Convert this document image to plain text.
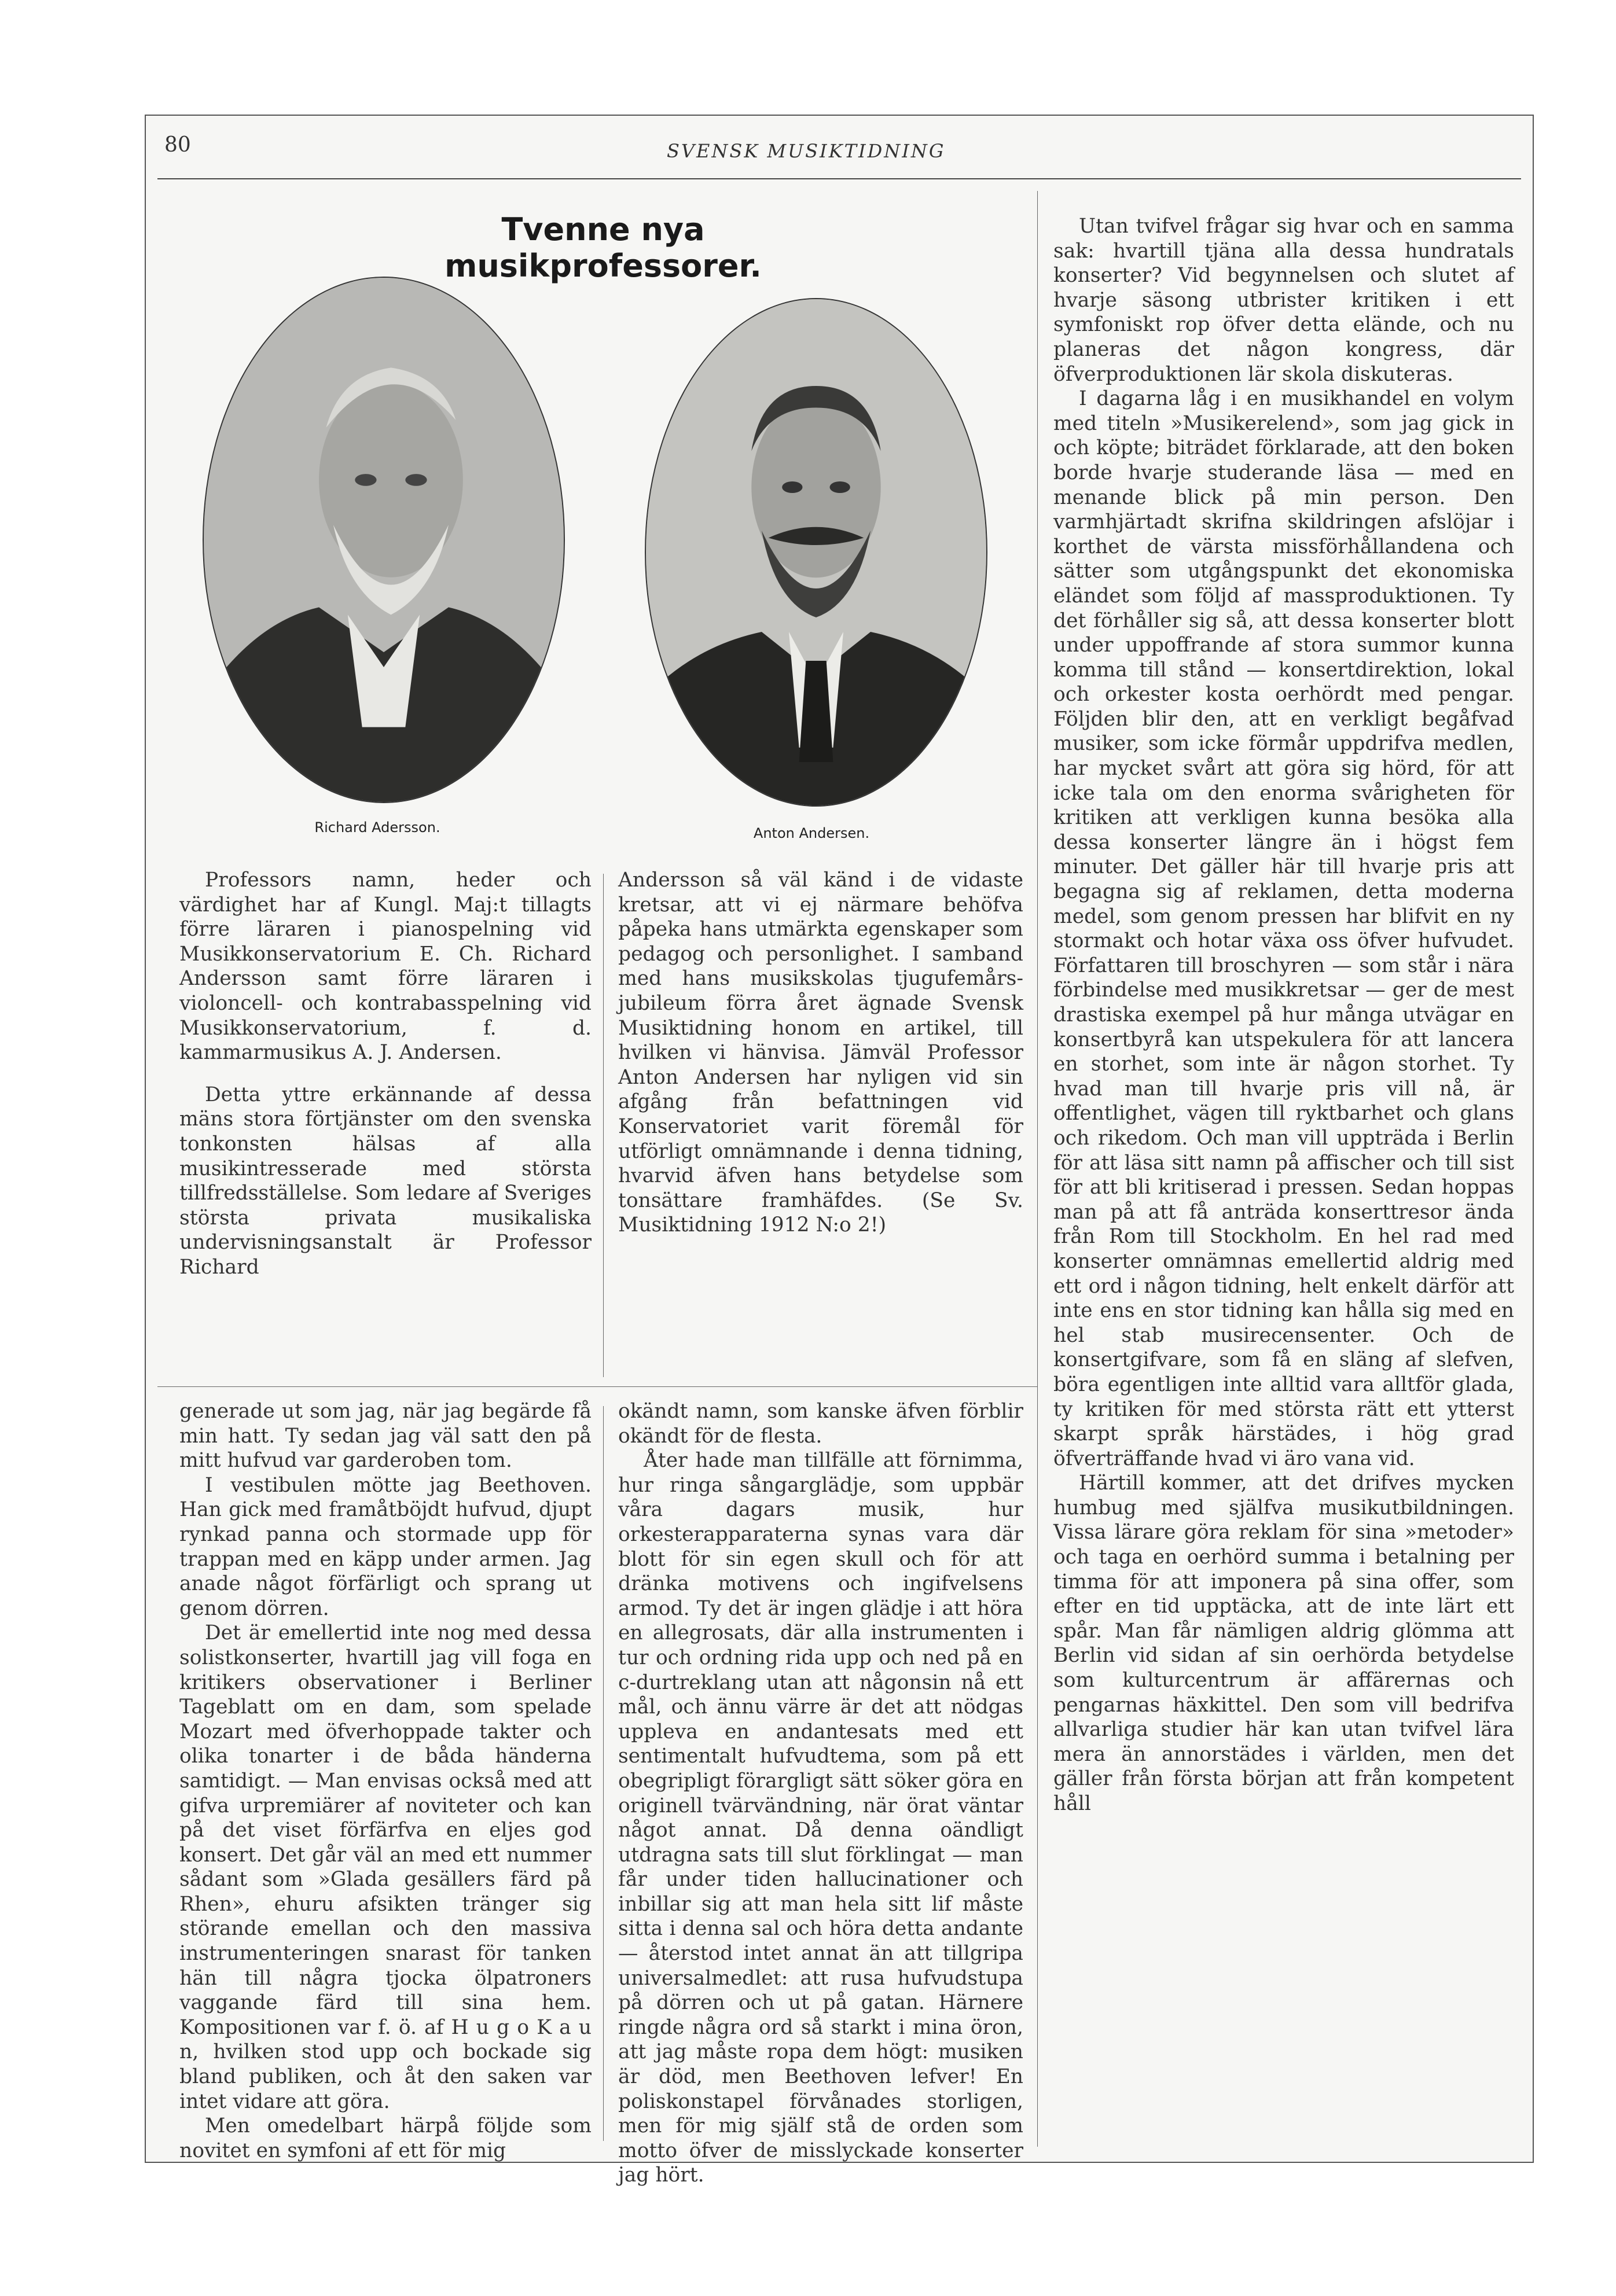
80	SVENSK MUSIKTIDNING
Tvenne nya musikprofessorer.
Richard Adersson.	Anton Andersen.

Professors namn, heder och värdighet har af Kungl. Maj:t tillagts förre läraren i pianospelning vid Musikkonservatorium E. Ch. Richard Andersson samt förre läraren i violoncell- och kontrabasspelning vid Musikkonservatorium, f. d. kammarmusikus A. J. Andersen.

Detta yttre erkännande af dessa mäns stora förtjänster om den svenska tonkonsten hälsas af alla musikintresserade med största tillfredsställelse. Som ledare af Sveriges största privata musikaliska undervisningsanstalt är Professor Richard

Andersson så väl känd i de vidaste kretsar, att vi ej närmare behöfva påpeka hans utmärkta egenskaper som pedagog och personlighet. I samband med hans musikskolas tjugufemårs-jubileum förra året ägnade Svensk Musiktidning honom en artikel, till hvilken vi hänvisa. Jämväl Professor Anton Andersen har nyligen vid sin afgång från befattningen vid Konservatoriet varit föremål för utförligt omnämnande i denna tidning, hvarvid äfven hans betydelse som tonsättare framhäfdes. (Se Sv. Musiktidning 1912 N:o 2!)

generade ut som jag, när jag begärde få min hatt. Ty sedan jag väl satt den på mitt hufvud var garderoben tom.

I vestibulen mötte jag Beethoven. Han gick med framåtböjdt hufvud, djupt rynkad panna och stormade upp för trappan med en käpp under armen. Jag anade något förfärligt och sprang ut genom dörren.

Det är emellertid inte nog med dessa solistkonserter, hvartill jag vill foga en kritikers observationer i Berliner Tageblatt om en dam, som spelade Mozart med öfverhoppade takter och olika tonarter i de båda händerna samtidigt. — Man envisas också med att gifva urpremiärer af noviteter och kan på det viset förfärfva en eljes god konsert. Det går väl an med ett nummer sådant som »Glada gesällers färd på Rhen», ehuru afsikten tränger sig störande emellan och den massiva instrumenteringen snarast för tanken hän till några tjocka ölpatroners vaggande färd till sina hem. Kompositionen var f. ö. af H u g o K a u n, hvilken stod upp och bockade sig bland publiken, och åt den saken var intet vidare att göra.

Men omedelbart härpå följde som novitet en symfoni af ett för mig

okändt namn, som kanske äfven förblir okändt för de flesta.

Åter hade man tillfälle att förnimma, hur ringa sångarglädje, som uppbär våra dagars musik, hur orkesterapparaterna synas vara där blott för sin egen skull och för att dränka motivens och ingifvelsens armod. Ty det är ingen glädje i att höra en allegrosats, där alla instrumenten i tur och ordning rida upp och ned på en c-durtreklang utan att någonsin nå ett mål, och ännu värre är det att nödgas uppleva en andantesats med ett sentimentalt hufvudtema, som på ett obegripligt förargligt sätt söker göra en originell tvärvändning, när örat väntar något annat. Då denna oändligt utdragna sats till slut förklingat — man får under tiden hallucinationer och inbillar sig att man hela sitt lif måste sitta i denna sal och höra detta andante — återstod intet annat än att tillgripa universalmedlet: att rusa hufvudstupa på dörren och ut på gatan. Härnere ringde några ord så starkt i mina öron, att jag måste ropa dem högt: musiken är död, men Beethoven lefver! En poliskonstapel förvånades storligen, men för mig själf stå de orden som motto öfver de misslyckade konserter jag hört.

Utan tvifvel frågar sig hvar och en samma sak: hvartill tjäna alla dessa hundratals konserter? Vid begynnelsen och slutet af hvarje säsong utbrister kritiken i ett symfoniskt rop öfver detta elände, och nu planeras det någon kongress, där öfverproduktionen lär skola diskuteras.

I dagarna låg i en musikhandel en volym med titeln »Musikerelend», som jag gick in och köpte; biträdet förklarade, att den boken borde hvarje studerande läsa — med en menande blick på min person. Den varmhjärtadt skrifna skildringen afslöjar i korthet de värsta missförhållandena och sätter som utgångspunkt det ekonomiska eländet som följd af massproduktionen. Ty det förhåller sig så, att dessa konserter blott under uppoffrande af stora summor kunna komma till stånd — konsertdirektion, lokal och orkester kosta oerhördt med pengar. Följden blir den, att en verkligt begåfvad musiker, som icke förmår uppdrifva medlen, har mycket svårt att göra sig hörd, för att icke tala om den enorma svårigheten för kritiken att verkligen kunna besöka alla dessa konserter längre än i högst fem minuter. Det gäller här till hvarje pris att begagna sig af reklamen, detta moderna medel, som genom pressen har blifvit en ny stormakt och hotar växa oss öfver hufvudet. Författaren till broschyren — som står i nära förbindelse med musikkretsar — ger de mest drastiska exempel på hur många utvägar en konsertbyrå kan utspekulera för att lancera en storhet, som inte är någon storhet. Ty hvad man till hvarje pris vill nå, är offentlighet, vägen till ryktbarhet och glans och rikedom. Och man vill uppträda i Berlin för att läsa sitt namn på affischer och till sist för att bli kritiserad i pressen. Sedan hoppas man på att få anträda konserttresor ända från Rom till Stockholm. En hel rad med konserter omnämnas emellertid aldrig med ett ord i någon tidning, helt enkelt därför att inte ens en stor tidning kan hålla sig med en hel stab musirecensenter. Och de konsertgifvare, som få en släng af slefven, böra egentligen inte alltid vara alltför glada, ty kritiken för med största rätt ett ytterst skarpt språk härstädes, i hög grad öfverträffande hvad vi äro vana vid.

Härtill kommer, att det drifves mycken humbug med själfva musikutbildningen. Vissa lärare göra reklam för sina »metoder» och taga en oerhörd summa i betalning per timma för att imponera på sina offer, som efter en tid upptäcka, att de inte lärt ett spår. Man får nämligen aldrig glömma att Berlin vid sidan af sin oerhörda betydelse som kulturcentrum är affärernas och pengarnas häxkittel. Den som vill bedrifva allvarliga studier här kan utan tvifvel lära mera än annorstädes i världen, men det gäller från första början att från kompetent håll
